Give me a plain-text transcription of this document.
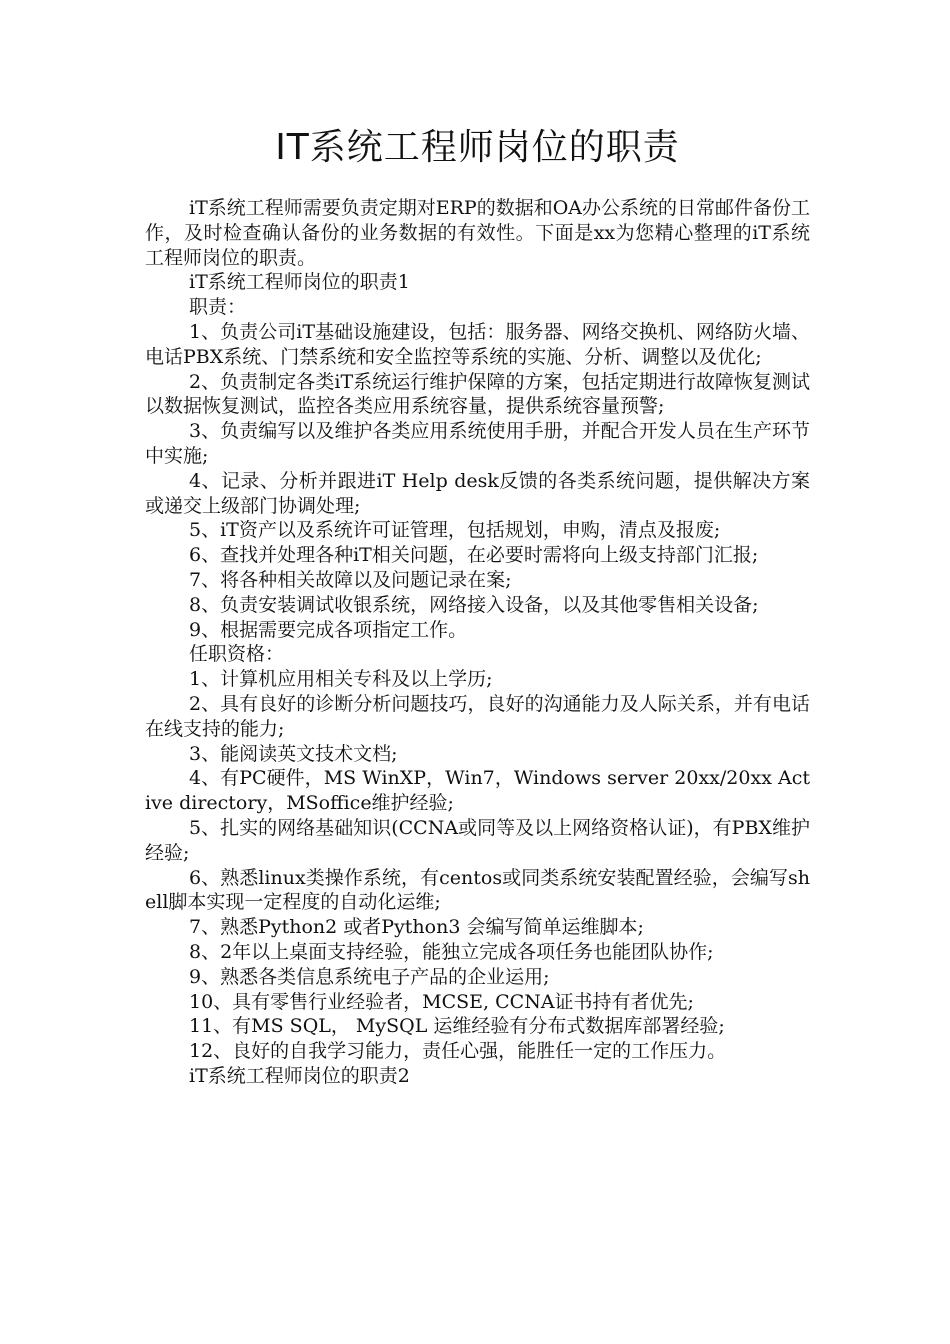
IT系统工程师岗位的职责

iT系统工程师需要负责定期对ERP的数据和OA办公系统的日常邮件备份工作，及时检查确认备份的业务数据的有效性。下面是xx为您精心整理的iT系统工程师岗位的职责。

iT系统工程师岗位的职责1

职责：

1、负责公司iT基础设施建设，包括：服务器、网络交换机、网络防火墙、电话PBX系统、门禁系统和安全监控等系统的实施、分析、调整以及优化;

2、负责制定各类iT系统运行维护保障的方案，包括定期进行故障恢复测试以数据恢复测试，监控各类应用系统容量，提供系统容量预警;

3、负责编写以及维护各类应用系统使用手册，并配合开发人员在生产环节中实施;

4、记录、分析并跟进iT Help desk反馈的各类系统问题，提供解决方案或递交上级部门协调处理;

5、iT资产以及系统许可证管理，包括规划，申购，清点及报废;

6、查找并处理各种iT相关问题，在必要时需将向上级支持部门汇报;

7、将各种相关故障以及问题记录在案;

8、负责安装调试收银系统，网络接入设备，以及其他零售相关设备;

9、根据需要完成各项指定工作。

任职资格：

1、计算机应用相关专科及以上学历;

2、具有良好的诊断分析问题技巧，良好的沟通能力及人际关系，并有电话在线支持的能力;

3、能阅读英文技术文档;

4、有PC硬件，MS WinXP，Win7，Windows server 20xx/20xx Active directory，MSoffice维护经验;

5、扎实的网络基础知识(CCNA或同等及以上网络资格认证)，有PBX维护经验;

6、熟悉linux类操作系统，有centos或同类系统安装配置经验，会编写shell脚本实现一定程度的自动化运维;

7、熟悉Python2 或者Python3 会编写简单运维脚本;

8、2年以上桌面支持经验，能独立完成各项任务也能团队协作;

9、熟悉各类信息系统电子产品的企业运用;

10、具有零售行业经验者，MCSE, CCNA证书持有者优先;

11、有MS SQL， MySQL 运维经验有分布式数据库部署经验;

12、良好的自我学习能力，责任心强，能胜任一定的工作压力。

iT系统工程师岗位的职责2
